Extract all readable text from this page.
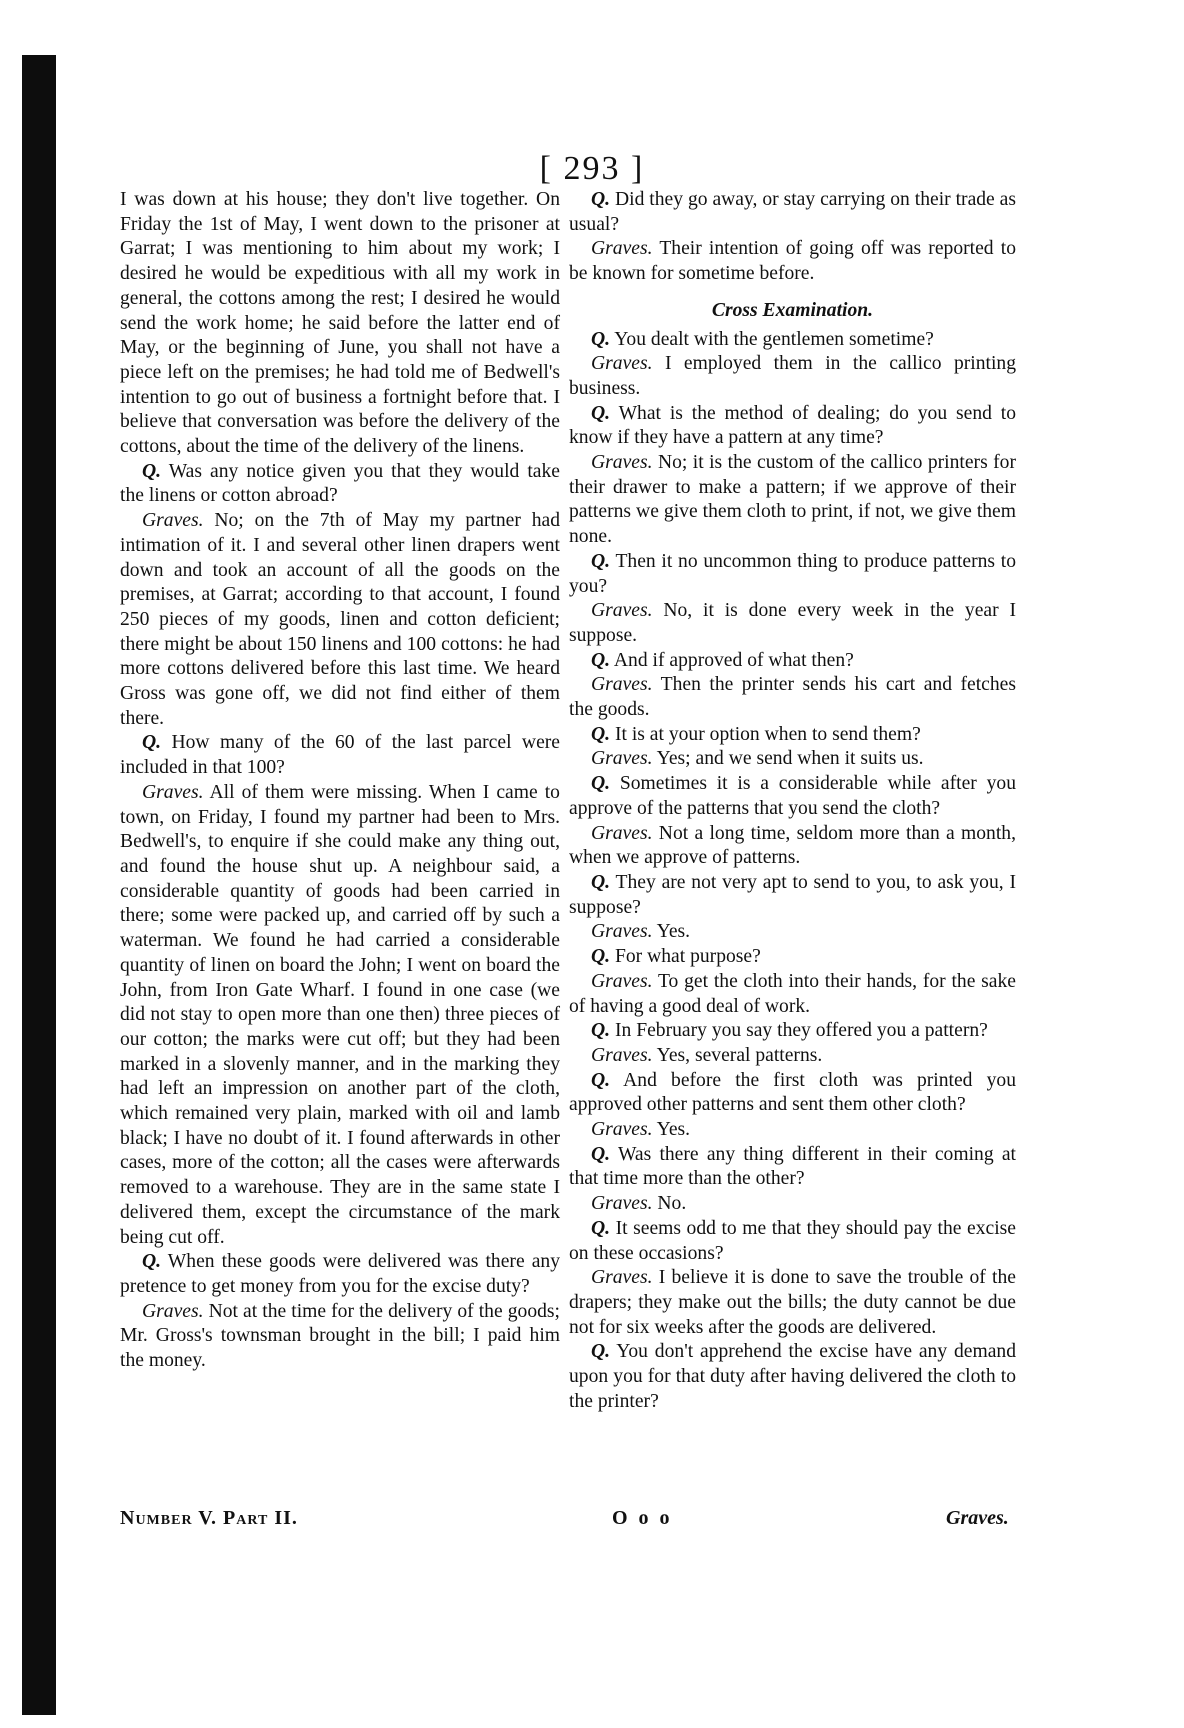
[ 293 ]

I was down at his house; they don't live together. On Friday the 1st of May, I went down to the prisoner at Garrat; I was mentioning to him about my work; I desired he would be expeditious with all my work in general, the cottons among the rest; I desired he would send the work home; he said before the latter end of May, or the beginning of June, you shall not have a piece left on the premises; he had told me of Bedwell's intention to go out of business a fortnight before that. I believe that conversation was before the delivery of the cottons, about the time of the delivery of the linens.

Q. Was any notice given you that they would take the linens or cotton abroad?

Graves. No; on the 7th of May my partner had intimation of it. I and several other linen drapers went down and took an account of all the goods on the premises, at Garrat; according to that account, I found 250 pieces of my goods, linen and cotton deficient; there might be about 150 linens and 100 cottons: he had more cottons delivered before this last time. We heard Gross was gone off, we did not find either of them there.

Q. How many of the 60 of the last parcel were included in that 100?

Graves. All of them were missing. When I came to town, on Friday, I found my partner had been to Mrs. Bedwell's, to enquire if she could make any thing out, and found the house shut up. A neighbour said, a considerable quantity of goods had been carried in there; some were packed up, and carried off by such a waterman. We found he had carried a considerable quantity of linen on board the John; I went on board the John, from Iron Gate Wharf. I found in one case (we did not stay to open more than one then) three pieces of our cotton; the marks were cut off; but they had been marked in a slovenly manner, and in the marking they had left an impression on another part of the cloth, which remained very plain, marked with oil and lamb black; I have no doubt of it. I found afterwards in other cases, more of the cotton; all the cases were afterwards removed to a warehouse. They are in the same state I delivered them, except the circumstance of the mark being cut off.

Q. When these goods were delivered was there any pretence to get money from you for the excise duty?

Graves. Not at the time for the delivery of the goods; Mr. Gross's townsman brought in the bill; I paid him the money.

Q. Did they go away, or stay carrying on their trade as usual?

Graves. Their intention of going off was reported to be known for sometime before.

Cross Examination.

Q. You dealt with the gentlemen sometime?

Graves. I employed them in the callico printing business.

Q. What is the method of dealing; do you send to know if they have a pattern at any time?

Graves. No; it is the custom of the callico printers for their drawer to make a pattern; if we approve of their patterns we give them cloth to print, if not, we give them none.

Q. Then it no uncommon thing to produce patterns to you?

Graves. No, it is done every week in the year I suppose.

Q. And if approved of what then?

Graves. Then the printer sends his cart and fetches the goods.

Q. It is at your option when to send them?

Graves. Yes; and we send when it suits us.

Q. Sometimes it is a considerable while after you approve of the patterns that you send the cloth?

Graves. Not a long time, seldom more than a month, when we approve of patterns.

Q. They are not very apt to send to you, to ask you, I suppose?

Graves. Yes.

Q. For what purpose?

Graves. To get the cloth into their hands, for the sake of having a good deal of work.

Q. In February you say they offered you a pattern?

Graves. Yes, several patterns.

Q. And before the first cloth was printed you approved other patterns and sent them other cloth?

Graves. Yes.

Q. Was there any thing different in their coming at that time more than the other?

Graves. No.

Q. It seems odd to me that they should pay the excise on these occasions?

Graves. I believe it is done to save the trouble of the drapers; they make out the bills; the duty cannot be due not for six weeks after the goods are delivered.

Q. You don't apprehend the excise have any demand upon you for that duty after having delivered the cloth to the printer?

Number V. Part II.	O o o	Graves.
